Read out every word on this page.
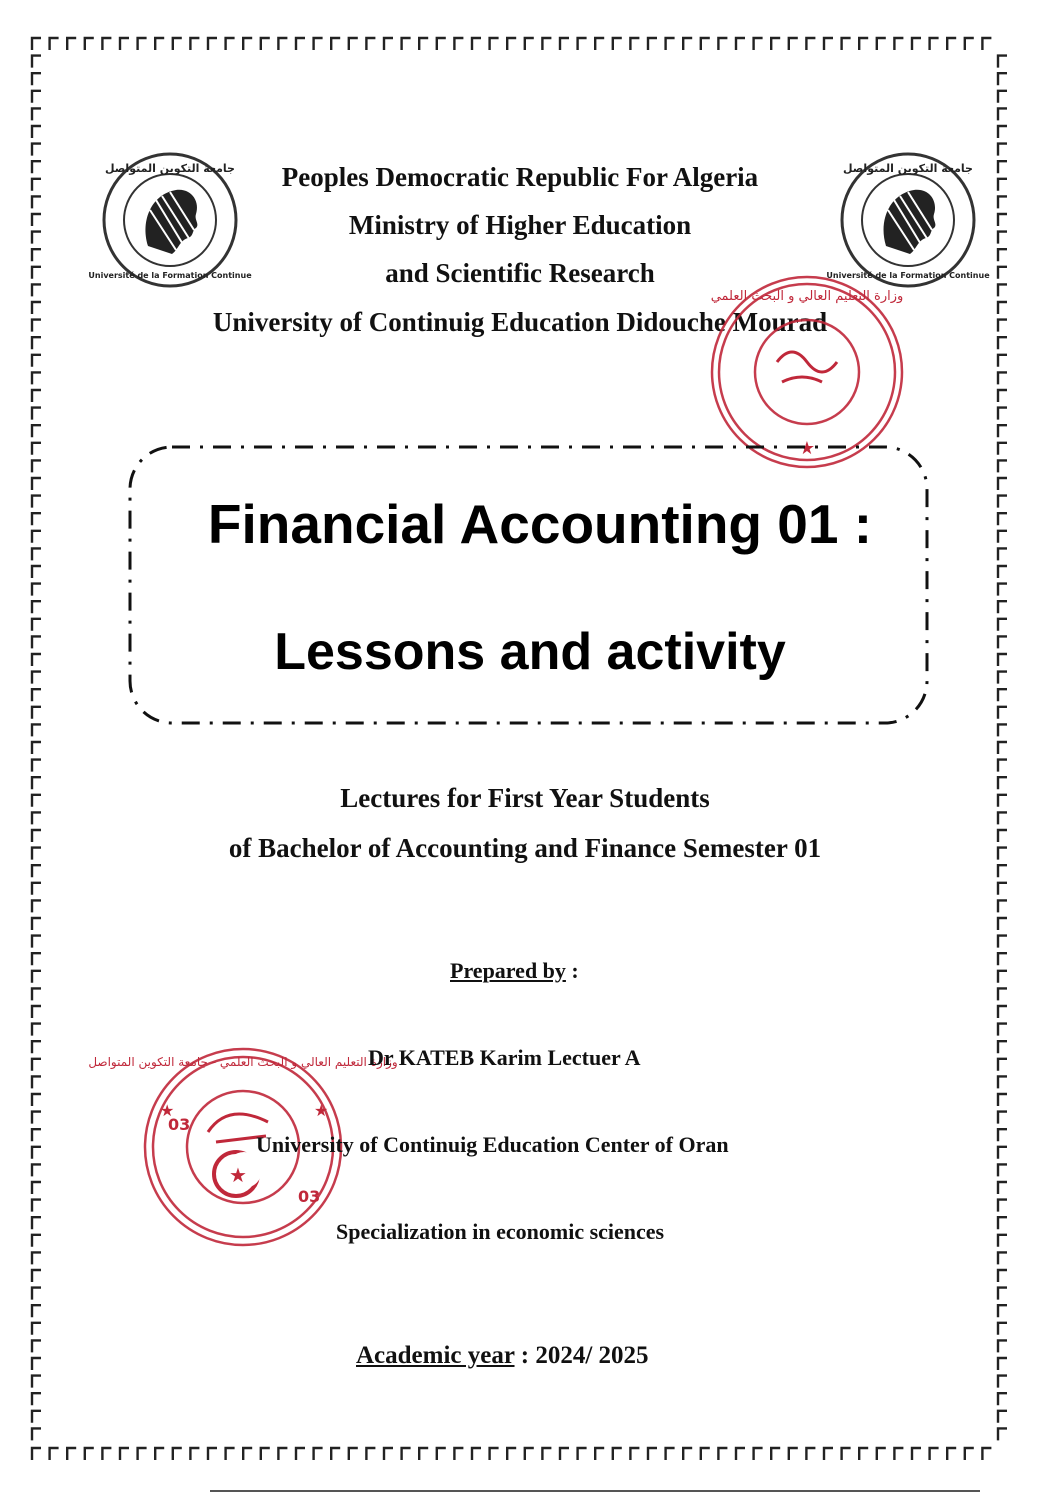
جامعة التكوين المتواصل
Université de la Formation Continue
جامعة التكوين المتواصل
Université de la Formation Continue
Peoples Democratic Republic For Algeria
Ministry of Higher Education
and Scientific Research
University of Continuig Education Didouche Mourad
وزارة التعليم العالي و البحث العلمي
★
Financial Accounting 01 :
Lessons and activity
Lectures for First Year Students
of Bachelor of Accounting and Finance Semester 01
Prepared by :
★
03
03
وزارة التعليم العالي و البحث العلمي - جامعة التكوين المتواصل
★	★
Dr KATEB Karim Lectuer A
University of Continuig Education Center of Oran
Specialization in economic sciences
Academic year : 2024/ 2025
